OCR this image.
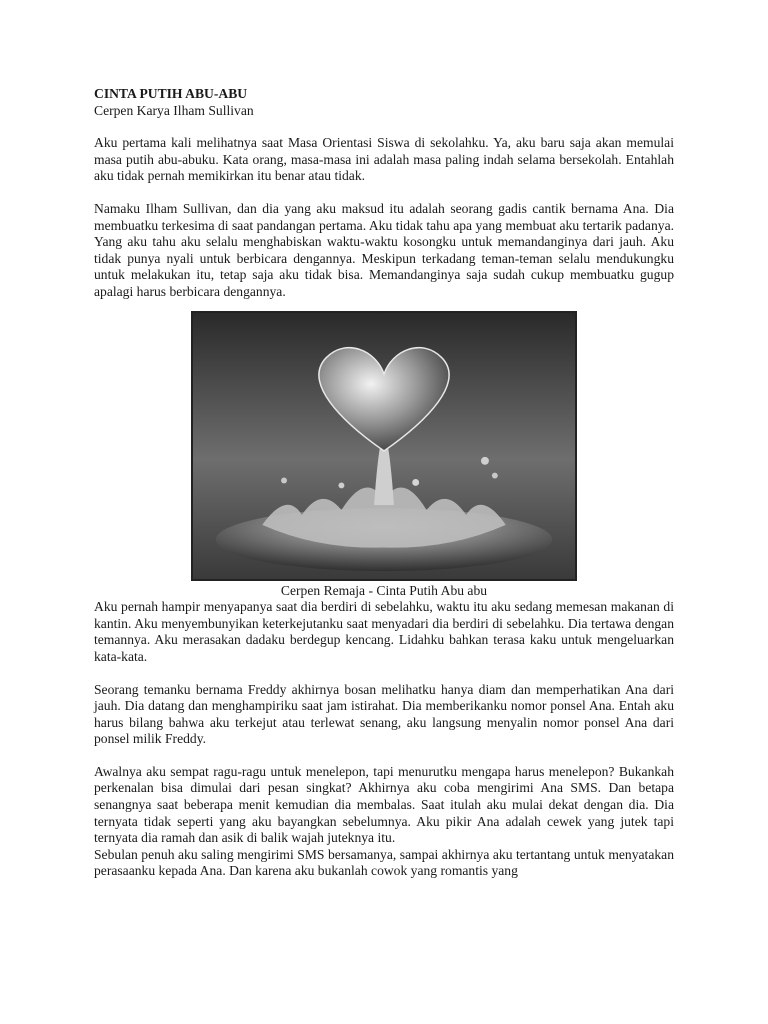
CINTA PUTIH ABU-ABU
Cerpen Karya Ilham Sullivan

Aku pertama kali melihatnya saat Masa Orientasi Siswa di sekolahku. Ya, aku baru saja akan memulai masa putih abu-abuku. Kata orang, masa-masa ini adalah masa paling indah selama bersekolah. Entahlah aku tidak pernah memikirkan itu benar atau tidak.

Namaku Ilham Sullivan, dan dia yang aku maksud itu adalah seorang gadis cantik bernama Ana. Dia membuatku terkesima di saat pandangan pertama. Aku tidak tahu apa yang membuat aku tertarik padanya. Yang aku tahu aku selalu menghabiskan waktu-waktu kosongku untuk memandanginya dari jauh. Aku tidak punya nyali untuk berbicara dengannya. Meskipun terkadang teman-teman selalu mendukungku untuk melakukan itu, tetap saja aku tidak bisa. Memandanginya saja sudah cukup membuatku gugup apalagi harus berbicara dengannya.

Cerpen Remaja - Cinta Putih Abu abu

Aku pernah hampir menyapanya saat dia berdiri di sebelahku, waktu itu aku sedang memesan makanan di kantin. Aku menyembunyikan keterkejutanku saat menyadari dia berdiri di sebelahku. Dia tertawa dengan temannya. Aku merasakan dadaku berdegup kencang. Lidahku bahkan terasa kaku untuk mengeluarkan kata-kata.

Seorang temanku bernama Freddy akhirnya bosan melihatku hanya diam dan memperhatikan Ana dari jauh. Dia datang dan menghampiriku saat jam istirahat. Dia memberikanku nomor ponsel Ana. Entah aku harus bilang bahwa aku terkejut atau terlewat senang, aku langsung menyalin nomor ponsel Ana dari ponsel milik Freddy.

Awalnya aku sempat ragu-ragu untuk menelepon, tapi menurutku mengapa harus menelepon? Bukankah perkenalan bisa dimulai dari pesan singkat? Akhirnya aku coba mengirimi Ana SMS. Dan betapa senangnya saat beberapa menit kemudian dia membalas. Saat itulah aku mulai dekat dengan dia. Dia ternyata tidak seperti yang aku bayangkan sebelumnya. Aku pikir Ana adalah cewek yang jutek tapi ternyata dia ramah dan asik di balik wajah juteknya itu.

Sebulan penuh aku saling mengirimi SMS bersamanya, sampai akhirnya aku tertantang untuk menyatakan perasaanku kepada Ana. Dan karena aku bukanlah cowok yang romantis yang
